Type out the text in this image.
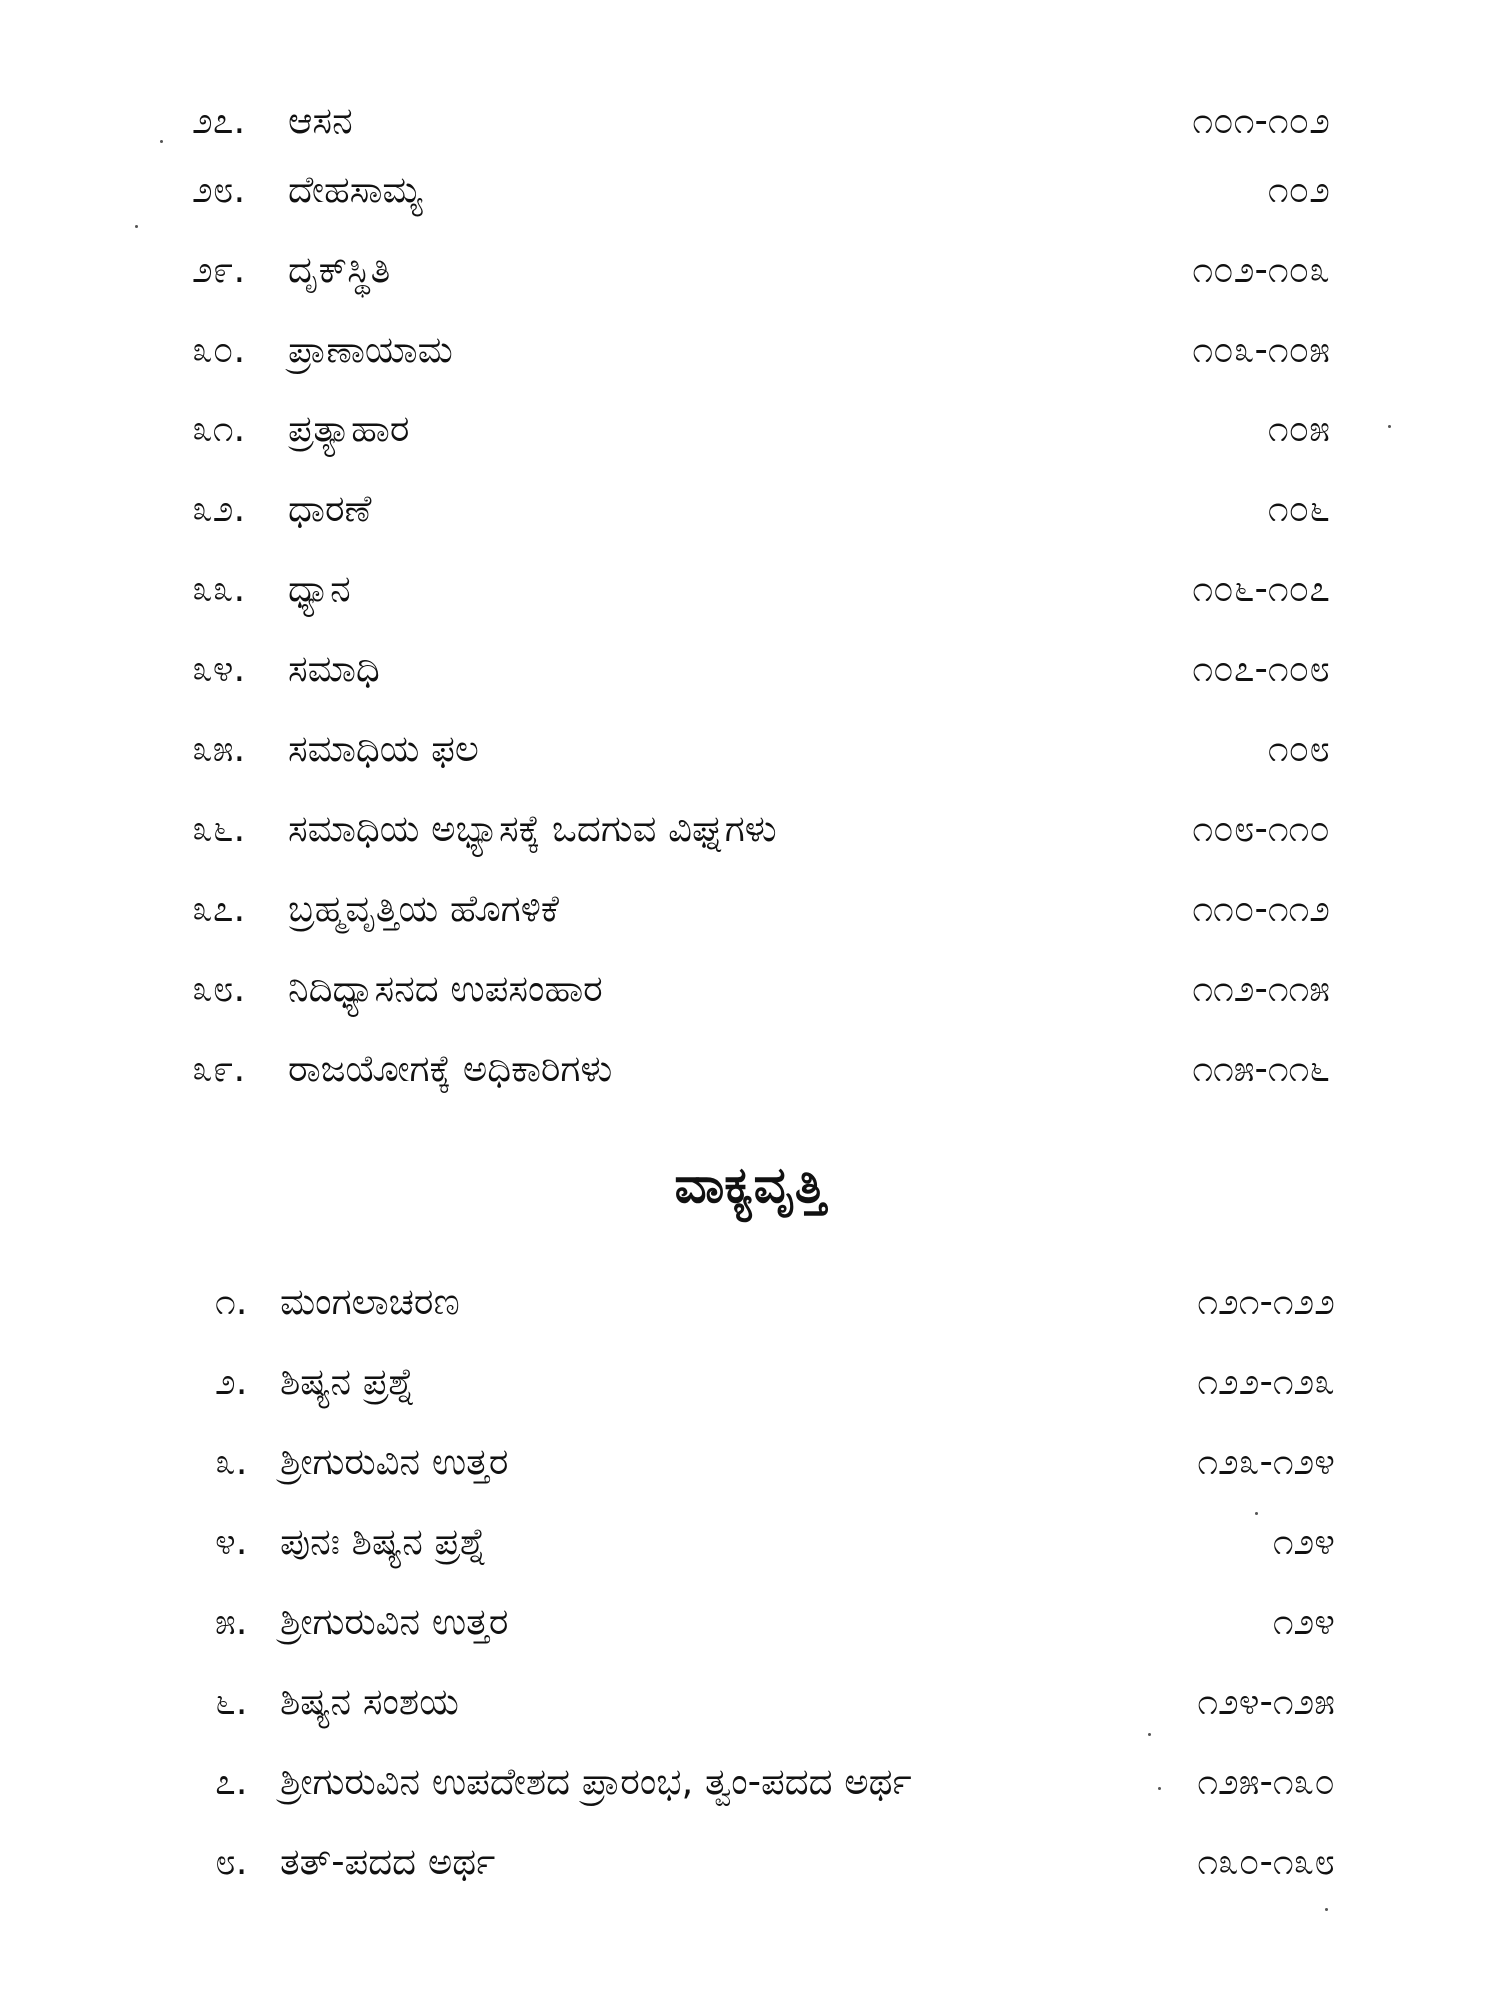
೨೭.	ಆಸನ	೧೦೧-೧೦೨
೨೮.	ದೇಹಸಾಮ್ಯ	೧೦೨
೨೯.	ದೃಕ್‌ಸ್ಥಿತಿ	೧೦೨-೧೦೩
೩೦.	ಪ್ರಾಣಾಯಾಮ	೧೦೩-೧೦೫
೩೧.	ಪ್ರತ್ಯಾಹಾರ	೧೦೫
೩೨.	ಧಾರಣೆ	೧೦೬
೩೩.	ಧ್ಯಾನ	೧೦೬-೧೦೭
೩೪.	ಸಮಾಧಿ	೧೦೭-೧೦೮
೩೫.	ಸಮಾಧಿಯ ಫಲ	೧೦೮
೩೬.	ಸಮಾಧಿಯ ಅಭ್ಯಾಸಕ್ಕೆ ಒದಗುವ ವಿಘ್ನಗಳು	೧೦೮-೧೧೦
೩೭.	ಬ್ರಹ್ಮವೃತ್ತಿಯ ಹೊಗಳಿಕೆ	೧೧೦-೧೧೨
೩೮.	ನಿದಿಧ್ಯಾಸನದ ಉಪಸಂಹಾರ	೧೧೨-೧೧೫
೩೯.	ರಾಜಯೋಗಕ್ಕೆ ಅಧಿಕಾರಿಗಳು	೧೧೫-೧೧೬
ವಾಕ್ಯವೃತ್ತಿ
೧. ಮಂಗಲಾಚರಣ	೧೨೧-೧೨೨
೨. ಶಿಷ್ಯನ ಪ್ರಶ್ನೆ	೧೨೨-೧೨೩
೩. ಶ್ರೀಗುರುವಿನ ಉತ್ತರ	೧೨೩-೧೨೪
೪. ಪುನಃ ಶಿಷ್ಯನ ಪ್ರಶ್ನೆ	೧೨೪
೫. ಶ್ರೀಗುರುವಿನ ಉತ್ತರ	೧೨೪
೬. ಶಿಷ್ಯನ ಸಂಶಯ	೧೨೪-೧೨೫
೭. ಶ್ರೀಗುರುವಿನ ಉಪದೇಶದ ಪ್ರಾರಂಭ, ತ್ವಂ-ಪದದ ಅರ್ಥ	೧೨೫-೧೩೦
೮. ತತ್-ಪದದ ಅರ್ಥ	೧೩೦-೧೩೮
